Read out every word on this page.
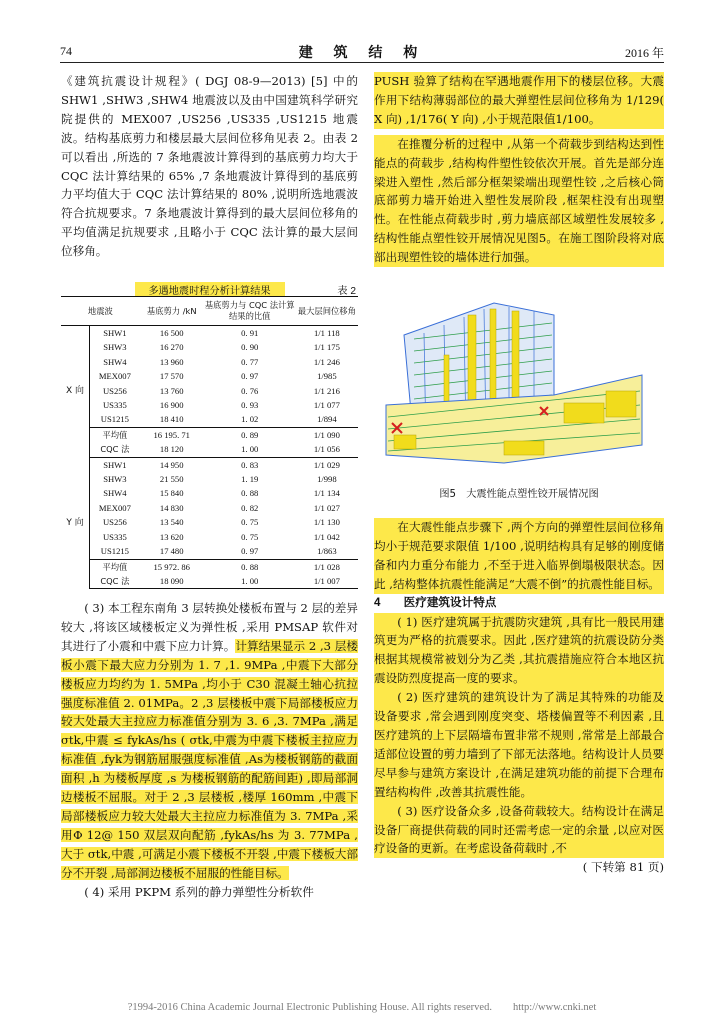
74	建 筑 结 构	2016 年

《建筑抗震设计规程》( DGJ 08-9—2013) [5] 中的 SHW1 ,SHW3 ,SHW4 地震波以及由中国建筑科学研究院提供的 MEX007 ,US256 ,US335 ,US1215 地震波。结构基底剪力和楼层最大层间位移角见表 2。由表 2 可以看出 ,所选的 7 条地震波计算得到的基底剪力均大于 CQC 法计算结果的 65% ,7 条地震波计算得到的基底剪力平均值大于 CQC 法计算结果的 80% ,说明所选地震波符合抗规要求。7 条地震波计算得到的最大层间位移角的平均值满足抗规要求 ,且略小于 CQC 法计算的最大层间位移角。

多遇地震时程分析计算结果	表 2
地震波		基底剪力 /kN	基底剪力与 CQC 法计算结果的比值	最大层间位移角
X 向	SHW1	16 500	0. 91	1/1 118
	SHW3	16 270	0. 90	1/1 175
	SHW4	13 960	0. 77	1/1 246
	MEX007	17 570	0. 97	1/985
	US256	13 760	0. 76	1/1 216
	US335	16 900	0. 93	1/1 077
	US1215	18 410	1. 02	1/894
	平均值	16 195. 71	0. 89	1/1 090
	CQC 法	18 120	1. 00	1/1 056
Y 向	SHW1	14 950	0. 83	1/1 029
	SHW3	21 550	1. 19	1/998
	SHW4	15 840	0. 88	1/1 134
	MEX007	14 830	0. 82	1/1 027
	US256	13 540	0. 75	1/1 130
	US335	13 620	0. 75	1/1 042
	US1215	17 480	0. 97	1/863
	平均值	15 972. 86	0. 88	1/1 028
	CQC 法	18 090	1. 00	1/1 007

( 3) 本工程东南角 3 层转换处楼板布置与 2 层的差异较大 ,将该区域楼板定义为弹性板 ,采用 PMSAP 软件对其进行了小震和中震下应力计算。计算结果显示 2 ,3 层楼板小震下最大应力分别为 1. 7 ,1. 9MPa ,中震下大部分楼板应力均约为 1. 5MPa ,均小于 C30 混凝土轴心抗拉强度标准值 2. 01MPa。2 ,3 层楼板中震下局部楼板应力较大处最大主拉应力标准值分别为 3. 6 ,3. 7MPa ,满足 σtk,中震 ≤ fykAs/hs ( σtk,中震为中震下楼板主拉应力标准值 ,fyk为钢筋屈服强度标准值 ,As为楼板钢筋的截面面积 ,h 为楼板厚度 ,s 为楼板钢筋的配筋间距) ,即局部洞边楼板不屈服。对于 2 ,3 层楼板 ,楼厚 160mm ,中震下局部楼板应力较大处最大主拉应力标准值为 3. 7MPa ,采用Φ 12@ 150 双层双向配筋 ,fykAs/hs 为 3. 77MPa ,大于 σtk,中震 ,可满足小震下楼板不开裂 ,中震下楼板大部分不开裂 ,局部洞边楼板不屈服的性能目标。

( 4) 采用 PKPM 系列的静力弹塑性分析软件

PUSH 验算了结构在罕遇地震作用下的楼层位移。大震作用下结构薄弱部位的最大弹塑性层间位移角为 1/129( X 向) ,1/176( Y 向) ,小于规范限值1/100。

在推覆分析的过程中 ,从第一个荷载步到结构达到性能点的荷载步 ,结构构件塑性铰依次开展。首先是部分连梁进入塑性 ,然后部分框架梁端出现塑性铰 ,之后核心筒底部剪力墙开始进入塑性发展阶段 ,框架柱没有出现塑性。在性能点荷载步时 ,剪力墙底部区域塑性发展较多 ,结构性能点塑性铰开展情况见图5。在施工图阶段将对底部出现塑性铰的墙体进行加强。

图5　大震性能点塑性铰开展情况图

在大震性能点步骤下 ,两个方向的弹塑性层间位移角均小于规范要求限值 1/100 ,说明结构具有足够的刚度储备和内力重分布能力 ,不至于进入临界倒塌极限状态。因此 ,结构整体抗震性能满足“大震不倒”的抗震性能目标。

4　　医疗建筑设计特点

( 1) 医疗建筑属于抗震防灾建筑 ,具有比一般民用建筑更为严格的抗震要求。因此 ,医疗建筑的抗震设防分类根据其规模常被划分为乙类 ,其抗震措施应符合本地区抗震设防烈度提高一度的要求。

( 2) 医疗建筑的建筑设计为了满足其特殊的功能及设备要求 ,常会遇到刚度突变、塔楼偏置等不利因素 ,且医疗建筑的上下层隔墙布置非常不规则 ,常常是上部最合适部位设置的剪力墙到了下部无法落地。结构设计人员要尽早参与建筑方案设计 ,在满足建筑功能的前提下合理布置结构构件 ,改善其抗震性能。

( 3) 医疗设备众多 ,设备荷载较大。结构设计在满足设备厂商提供荷载的同时还需考虑一定的余量 ,以应对医疗设备的更新。在考虑设备荷载时 ,不

( 下转第 81 页)

?1994-2016 China Academic Journal Electronic Publishing House. All rights reserved.　　http://www.cnki.net
